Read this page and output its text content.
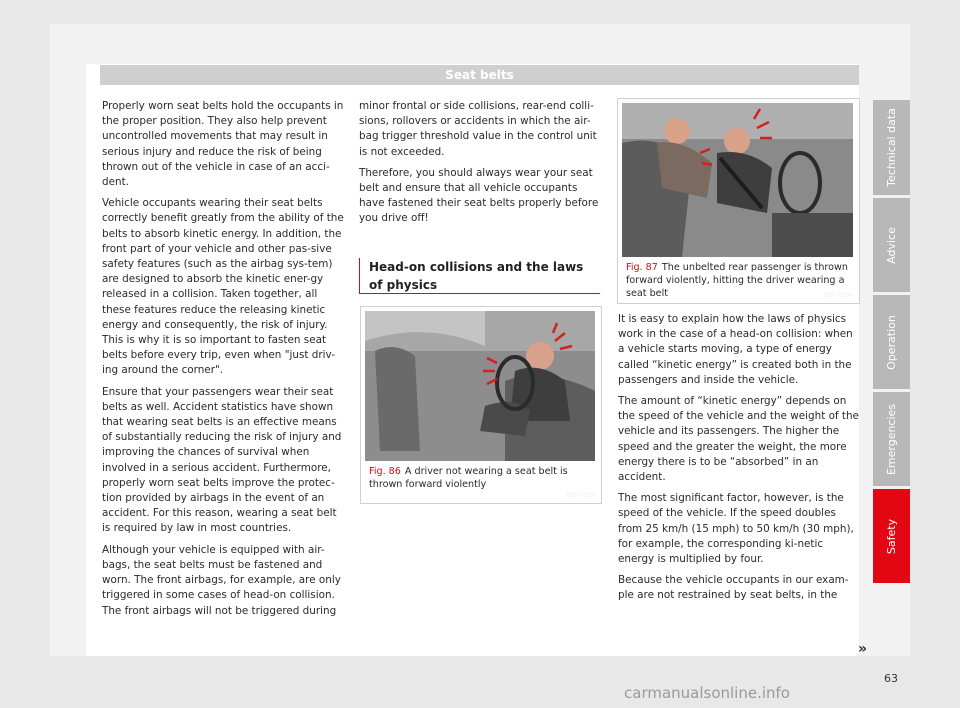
Seat belts

Properly worn seat belts hold the occupants in the proper position. They also help prevent uncontrolled movements that may result in serious injury and reduce the risk of being thrown out of the vehicle in case of an acci-dent.

Vehicle occupants wearing their seat belts correctly benefit greatly from the ability of the belts to absorb kinetic energy. In addition, the front part of your vehicle and other pas-sive safety features (such as the airbag sys-tem) are designed to absorb the kinetic ener-gy released in a collision. Taken together, all these features reduce the releasing kinetic energy and consequently, the risk of injury. This is why it is so important to fasten seat belts before every trip, even when "just driv-ing around the corner".

Ensure that your passengers wear their seat belts as well. Accident statistics have shown that wearing seat belts is an effective means of substantially reducing the risk of injury and improving the chances of survival when involved in a serious accident. Furthermore, properly worn seat belts improve the protec-tion provided by airbags in the event of an accident. For this reason, wearing a seat belt is required by law in most countries.

Although your vehicle is equipped with air-bags, the seat belts must be fastened and worn. The front airbags, for example, are only triggered in some cases of head-on collision. The front airbags will not be triggered during

minor frontal or side collisions, rear-end colli-sions, rollovers or accidents in which the air-bag trigger threshold value in the control unit is not exceeded.

Therefore, you should always wear your seat belt and ensure that all vehicle occupants have fastened their seat belts properly before you drive off!

Head-on collisions and the laws of physics
B5F-0293
Fig. 86 A driver not wearing a seat belt is thrown forward violently
B5F-0294
Fig. 87 The unbelted rear passenger is thrown forward violently, hitting the driver wearing a seat belt

It is easy to explain how the laws of physics work in the case of a head-on collision: when a vehicle starts moving, a type of energy called “kinetic energy” is created both in the passengers and inside the vehicle.

The amount of “kinetic energy” depends on the speed of the vehicle and the weight of the vehicle and its passengers. The higher the speed and the greater the weight, the more energy there is to be “absorbed” in an accident.

The most significant factor, however, is the speed of the vehicle. If the speed doubles from 25 km/h (15 mph) to 50 km/h (30 mph), for example, the corresponding ki-netic energy is multiplied by four.

Because the vehicle occupants in our exam-ple are not restrained by seat belts, in the

Technical data
Advice
Operation
Emergencies
Safety
»
63
carmanualsonline.info
